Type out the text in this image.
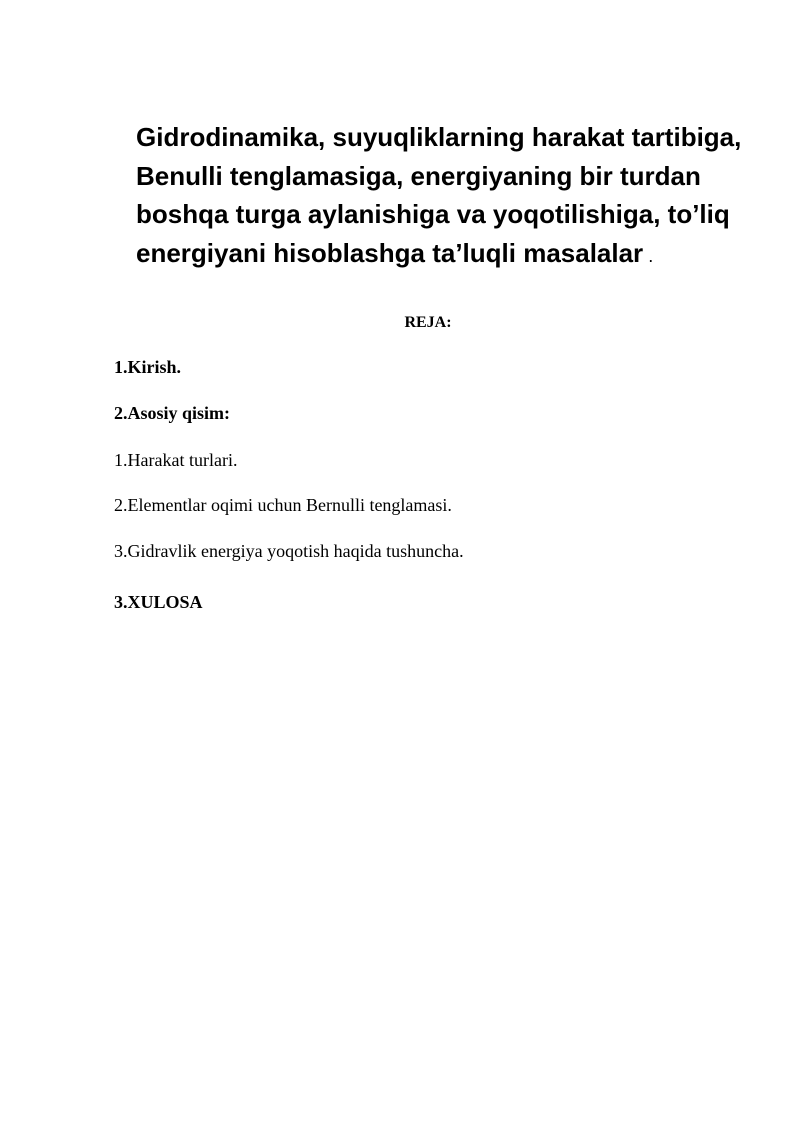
Gidrodinamika, suyuqliklarning harakat tartibiga, Benulli tenglamasiga, energiyaning bir turdan boshqa turga aylanishiga va yoqotilishiga, to’liq energiyani hisoblashga ta’luqli masalalar .
REJA:

1.Kirish.

2.Asosiy qisim:

1.Harakat turlari.

2.Elementlar oqimi uchun Bernulli tenglamasi.

3.Gidravlik energiya yoqotish haqida tushuncha.

3.XULOSA
